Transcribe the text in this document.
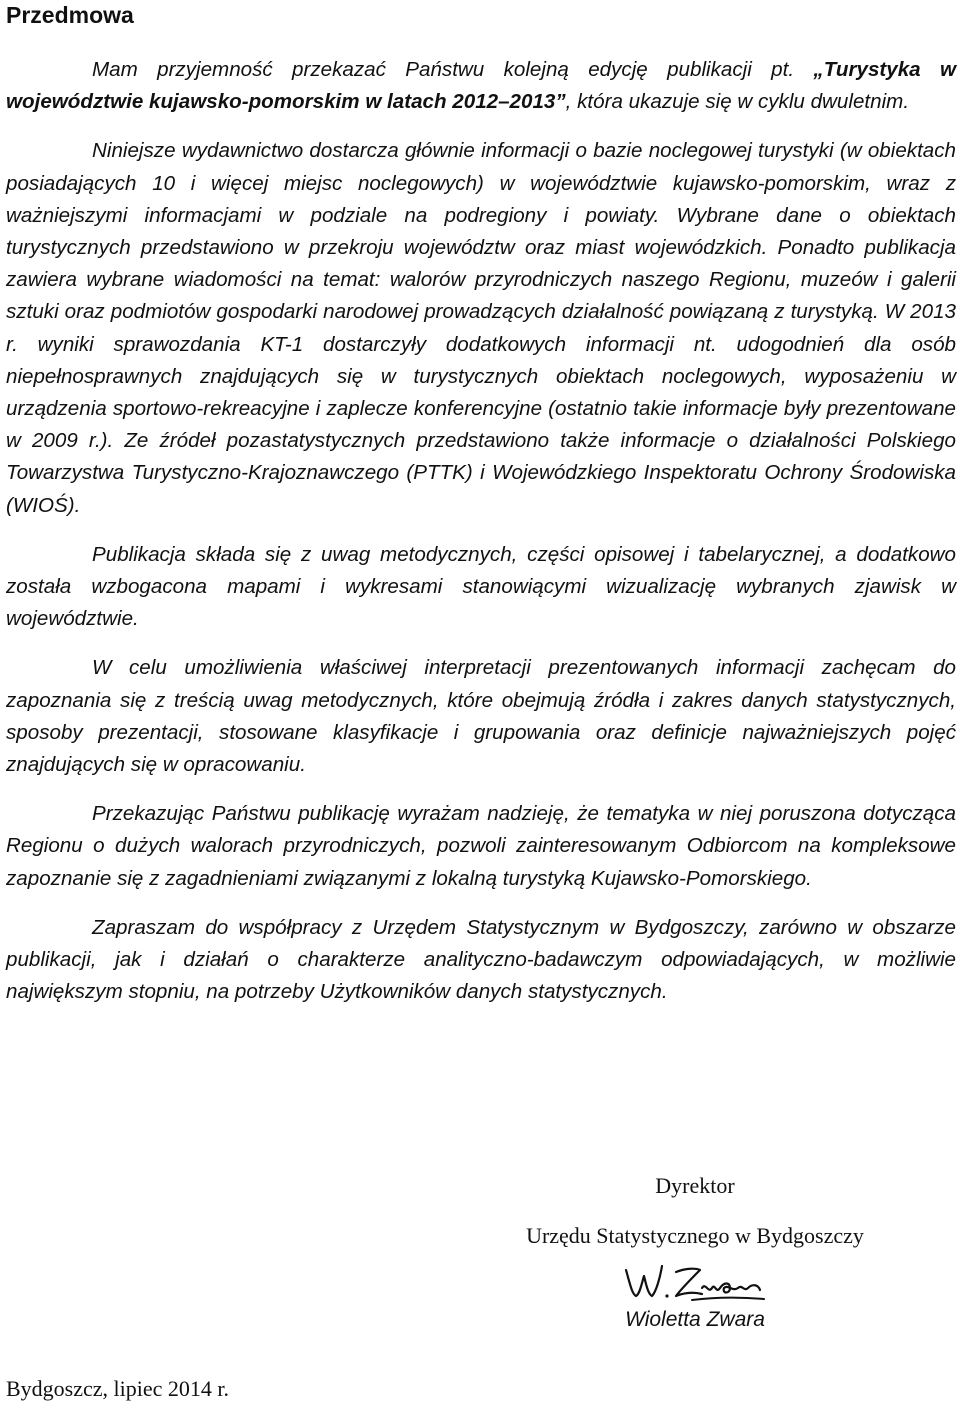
Przedmowa

Mam przyjemność przekazać Państwu kolejną edycję publikacji pt. „Turystyka w województwie kujawsko-pomorskim w latach 2012–2013”, która ukazuje się w cyklu dwuletnim.

Niniejsze wydawnictwo dostarcza głównie informacji o bazie noclegowej turystyki (w obiektach posiadających 10 i więcej miejsc noclegowych) w województwie kujawsko-pomorskim, wraz z ważniejszymi informacjami w podziale na podregiony i powiaty. Wybrane dane o obiektach turystycznych przedstawiono w przekroju województw oraz miast wojewódzkich. Ponadto publikacja zawiera wybrane wiadomości na temat: walorów przyrodniczych naszego Regionu, muzeów i galerii sztuki oraz podmiotów gospodarki narodowej prowadzących działalność powiązaną z turystyką. W 2013 r. wyniki sprawozdania KT-1 dostarczyły dodatkowych informacji nt. udogodnień dla osób niepełnosprawnych znajdujących się w turystycznych obiektach noclegowych, wyposażeniu w urządzenia sportowo-rekreacyjne i zaplecze konferencyjne (ostatnio takie informacje były prezentowane w 2009 r.). Ze źródeł pozastatystycznych przedstawiono także informacje o działalności Polskiego Towarzystwa Turystyczno-Krajoznawczego (PTTK) i Wojewódzkiego Inspektoratu Ochrony Środowiska (WIOŚ).

Publikacja składa się z uwag metodycznych, części opisowej i tabelarycznej, a dodatkowo została wzbogacona mapami i wykresami stanowiącymi wizualizację wybranych zjawisk w województwie.

W celu umożliwienia właściwej interpretacji prezentowanych informacji zachęcam do zapoznania się z treścią uwag metodycznych, które obejmują źródła i zakres danych statystycznych, sposoby prezentacji, stosowane klasyfikacje i grupowania oraz definicje najważniejszych pojęć znajdujących się w opracowaniu.

Przekazując Państwu publikację wyrażam nadzieję, że tematyka w niej poruszona dotycząca Regionu o dużych walorach przyrodniczych, pozwoli zainteresowanym Odbiorcom na kompleksowe zapoznanie się z zagadnieniami związanymi z lokalną turystyką Kujawsko-Pomorskiego.

Zapraszam do współpracy z Urzędem Statystycznym w Bydgoszczy, zarówno w obszarze publikacji, jak i działań o charakterze analityczno-badawczym odpowiadających, w możliwie największym stopniu, na potrzeby Użytkowników danych statystycznych.

Dyrektor
Urzędu Statystycznego w Bydgoszczy
Wioletta Zwara
Bydgoszcz, lipiec 2014 r.
